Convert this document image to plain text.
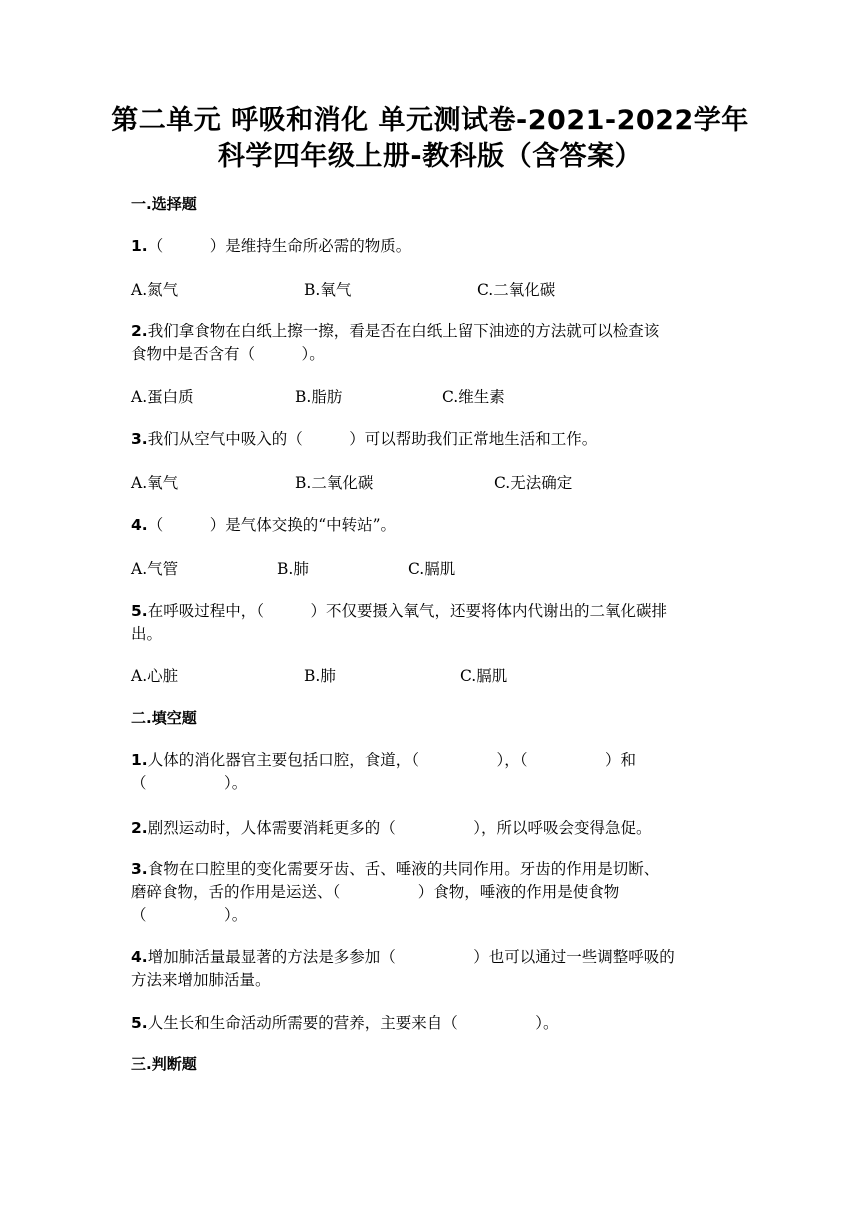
第二单元 呼吸和消化 单元测试卷-2021-2022学年
科学四年级上册-教科版（含答案）
一.选择题
1.（　　　）是维持生命所必需的物质。
A.氮气	B.氧气	C.二氧化碳
2.我们拿食物在白纸上擦一擦，看是否在白纸上留下油迹的方法就可以检查该
食物中是否含有（　　　）。
A.蛋白质	B.脂肪	C.维生素
3.我们从空气中吸入的（　　　）可以帮助我们正常地生活和工作。
A.氧气	B.二氧化碳	C.无法确定
4.（　　　）是气体交换的“中转站”。
A.气管	B.肺	C.膈肌
5.在呼吸过程中，（　　　）不仅要摄入氧气，还要将体内代谢出的二氧化碳排
出。
A.心脏	B.肺	C.膈肌
二.填空题
1.人体的消化器官主要包括口腔，食道，（　　　　　），（　　　　　）和
（　　　　　）。
2.剧烈运动时，人体需要消耗更多的（　　　　　），所以呼吸会变得急促。
3.食物在口腔里的变化需要牙齿、舌、唾液的共同作用。牙齿的作用是切断、
磨碎食物，舌的作用是运送、（　　　　　）食物，唾液的作用是使食物
（　　　　　）。
4.增加肺活量最显著的方法是多参加（　　　　　）也可以通过一些调整呼吸的
方法来增加肺活量。
5.人生长和生命活动所需要的营养，主要来自（　　　　　）。
三.判断题
